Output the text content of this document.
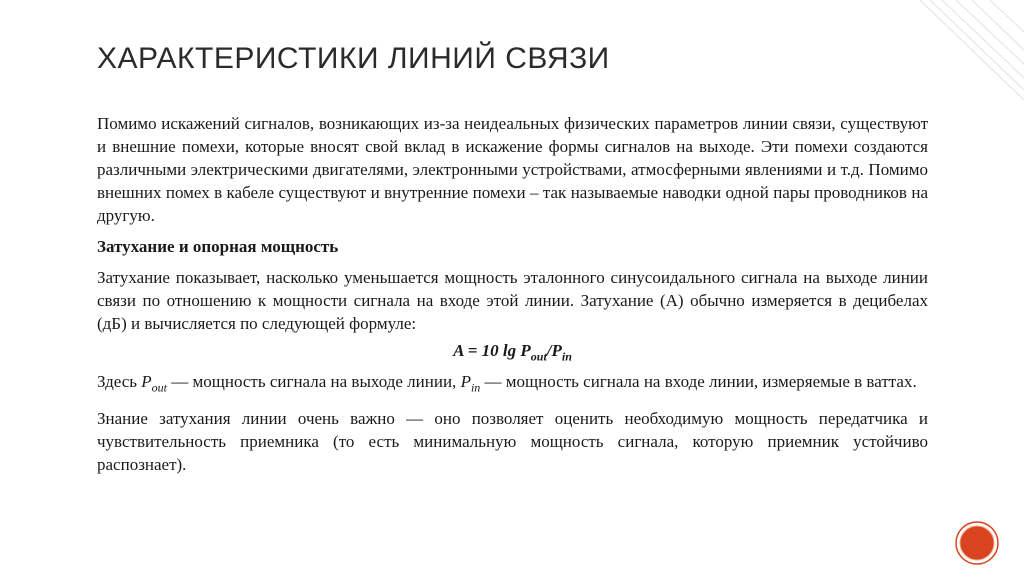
ХАРАКТЕРИСТИКИ ЛИНИЙ СВЯЗИ

Помимо искажений сигналов, возникающих из-за неидеальных физических параметров линии связи, существуют и внешние помехи, которые вносят свой вклад в искажение формы сигналов на выходе. Эти помехи создаются различными электрическими двигателями, электронными устройствами, атмосферными явлениями и т.д. Помимо внешних помех в кабеле существуют и внутренние помехи – так называемые наводки одной пары проводников на другую.

Затухание и опорная мощность

Затухание показывает, насколько уменьшается мощность эталонного синусоидального сигнала на выходе линии связи по отношению к мощности сигнала на входе этой линии. Затухание (A) обычно измеряется в децибелах (дБ) и вычисляется по следующей формуле:

A = 10 $\lg P_{out}/P_{in}$

Здесь $P_{out}$ — мощность сигнала на выходе линии, $P_{in}$ — мощность сигнала на входе линии, измеряемые в ваттах.

Знание затухания линии очень важно — оно позволяет оценить необходимую мощность передатчика и чувствительность приемника (то есть минимальную мощность сигнала, которую приемник устойчиво распознает).
